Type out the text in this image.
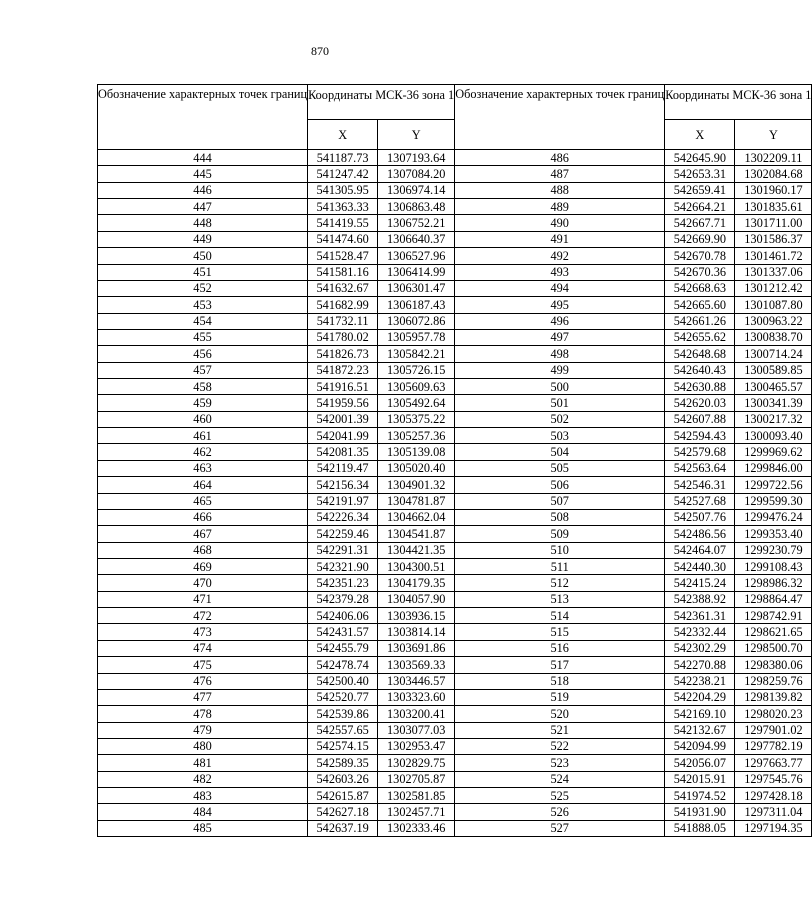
870
Обозначение характерных точек границ	Координаты МСК-36 зона 1	
	X	Y
444	541187.73	1307193.64
445	541247.42	1307084.20
446	541305.95	1306974.14
447	541363.33	1306863.48
448	541419.55	1306752.21
449	541474.60	1306640.37
450	541528.47	1306527.96
451	541581.16	1306414.99
452	541632.67	1306301.47
453	541682.99	1306187.43
454	541732.11	1306072.86
455	541780.02	1305957.78
456	541826.73	1305842.21
457	541872.23	1305726.15
458	541916.51	1305609.63
459	541959.56	1305492.64
460	542001.39	1305375.22
461	542041.99	1305257.36
462	542081.35	1305139.08
463	542119.47	1305020.40
464	542156.34	1304901.32
465	542191.97	1304781.87
466	542226.34	1304662.04
467	542259.46	1304541.87
468	542291.31	1304421.35
469	542321.90	1304300.51
470	542351.23	1304179.35
471	542379.28	1304057.90
472	542406.06	1303936.15
473	542431.57	1303814.14
474	542455.79	1303691.86
475	542478.74	1303569.33
476	542500.40	1303446.57
477	542520.77	1303323.60
478	542539.86	1303200.41
479	542557.65	1303077.03
480	542574.15	1302953.47
481	542589.35	1302829.75
482	542603.26	1302705.87
483	542615.87	1302581.85
484	542627.18	1302457.71
485	542637.19	1302333.46
Обозначение характерных точек границ	Координаты МСК-36 зона 1	
	X	Y
486	542645.90	1302209.11
487	542653.31	1302084.68
488	542659.41	1301960.17
489	542664.21	1301835.61
490	542667.71	1301711.00
491	542669.90	1301586.37
492	542670.78	1301461.72
493	542670.36	1301337.06
494	542668.63	1301212.42
495	542665.60	1301087.80
496	542661.26	1300963.22
497	542655.62	1300838.70
498	542648.68	1300714.24
499	542640.43	1300589.85
500	542630.88	1300465.57
501	542620.03	1300341.39
502	542607.88	1300217.32
503	542594.43	1300093.40
504	542579.68	1299969.62
505	542563.64	1299846.00
506	542546.31	1299722.56
507	542527.68	1299599.30
508	542507.76	1299476.24
509	542486.56	1299353.40
510	542464.07	1299230.79
511	542440.30	1299108.43
512	542415.24	1298986.32
513	542388.92	1298864.47
514	542361.31	1298742.91
515	542332.44	1298621.65
516	542302.29	1298500.70
517	542270.88	1298380.06
518	542238.21	1298259.76
519	542204.29	1298139.82
520	542169.10	1298020.23
521	542132.67	1297901.02
522	542094.99	1297782.19
523	542056.07	1297663.77
524	542015.91	1297545.76
525	541974.52	1297428.18
526	541931.90	1297311.04
527	541888.05	1297194.35
